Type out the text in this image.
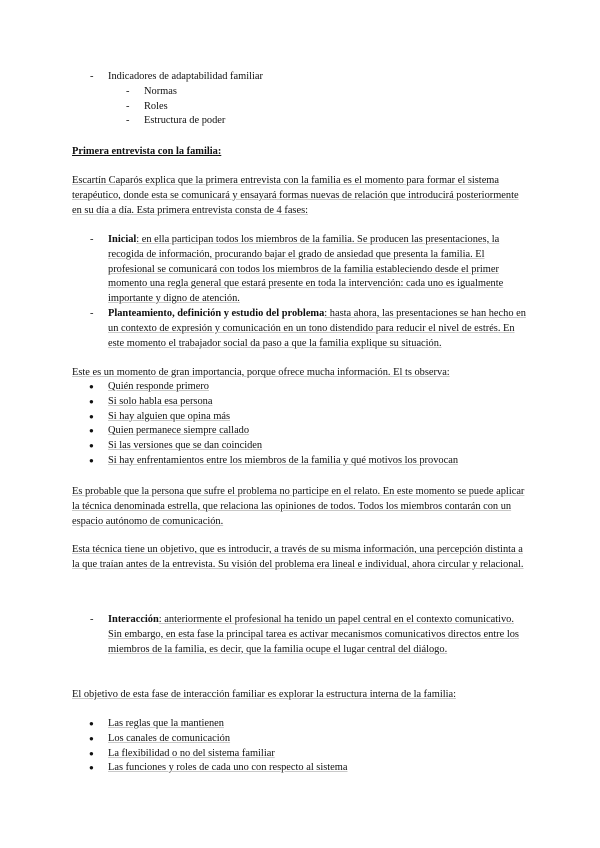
- Indicadores de adaptabilidad familiar
- Normas
- Roles
- Estructura de poder

Primera entrevista con la familia:

Escartín Caparós explica que la primera entrevista con la familia es el momento para formar el sistema terapéutico, donde esta se comunicará y ensayará formas nuevas de relación que introducirá posteriormente en su día a día. Esta primera entrevista consta de 4 fases:

- Inicial: en ella participan todos los miembros de la familia. Se producen las presentaciones, la recogida de información, procurando bajar el grado de ansiedad que presenta la familia. El profesional se comunicará con todos los miembros de la familia estableciendo desde el primer momento una regla general que estará presente en toda la intervención: cada uno es igualmente importante y digno de atención.
- Planteamiento, definición y estudio del problema: hasta ahora, las presentaciones se han hecho en un contexto de expresión y comunicación en un tono distendido para reducir el nivel de estrés. En este momento el trabajador social da paso a que la familia explique su situación.

Este es un momento de gran importancia, porque ofrece mucha información. El ts observa:

● Quién responde primero
● Si solo habla esa persona
● Si hay alguien que opina más
● Quien permanece siempre callado
● Si las versiones que se dan coinciden
● Si hay enfrentamientos entre los miembros de la familia y qué motivos los provocan

Es probable que la persona que sufre el problema no participe en el relato. En este momento se puede aplicar la técnica denominada estrella, que relaciona las opiniones de todos. Todos los miembros contarán con un espacio autónomo de comunicación.

Esta técnica tiene un objetivo, que es introducir, a través de su misma información, una percepción distinta a la que traían antes de la entrevista. Su visión del problema era lineal e individual, ahora circular y relacional.

- Interacción: anteriormente el profesional ha tenido un papel central en el contexto comunicativo. Sin embargo, en esta fase la principal tarea es activar mecanismos comunicativos directos entre los miembros de la familia, es decir, que la familia ocupe el lugar central del diálogo.

El objetivo de esta fase de interacción familiar es explorar la estructura interna de la familia:

● Las reglas que la mantienen
● Los canales de comunicación
● La flexibilidad o no del sistema familiar
● Las funciones y roles de cada uno con respecto al sistema
